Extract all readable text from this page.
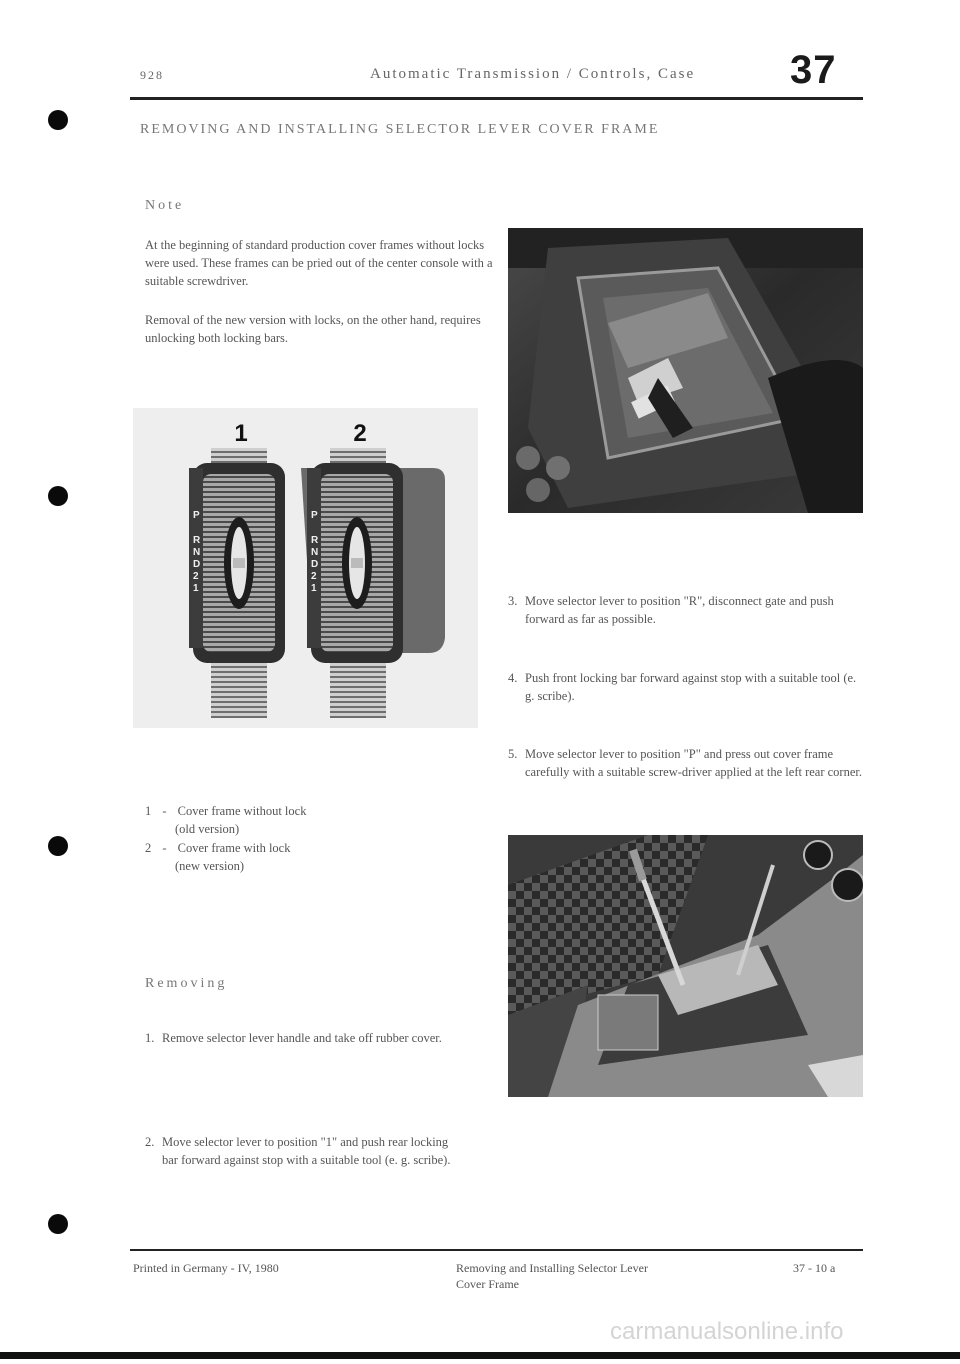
928	Automatic Transmission / Controls, Case 37
REMOVING AND INSTALLING SELECTOR LEVER COVER FRAME
Note
At the beginning of standard production cover frames without locks were used. These frames can be pried out of the center console with a suitable screwdriver.
Removal of the new version with locks, on the other hand, requires unlocking both locking bars.
1	2
P
R
N
D
2
1
P
R
N
D
2
1
3. Move selector lever to position "R", disconnect gate and push forward as far as possible.
4. Push front locking bar forward against stop with a suitable tool (e. g. scribe).
5. Move selector lever to position "P" and press out cover frame carefully with a suitable screw-driver applied at the left rear corner.
1 - Cover frame without lock
(old version)
2 - Cover frame with lock
(new version)
Removing
1. Remove selector lever handle and take off rubber cover.
2. Move selector lever to position "1" and push rear locking bar forward against stop with a suitable tool (e. g. scribe).
Printed in Germany - IV, 1980	Removing and Installing Selector Lever
Cover Frame
37 - 10 a
carmanualsonline.info
